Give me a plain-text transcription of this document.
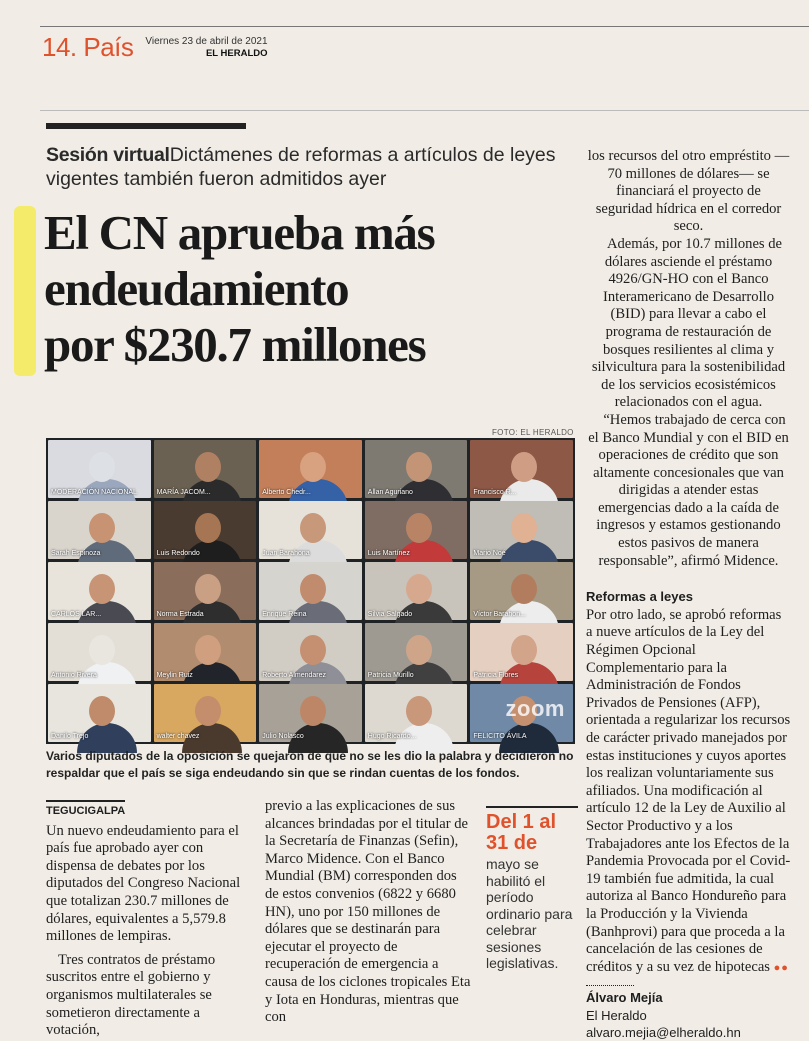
14. País Viernes 23 de abril de 2021
EL HERALDO
Sesión virtualDictámenes de reformas a artículos de leyes vigentes también fueron admitidos ayer
El CN aprueba más
endeudamiento
por $230.7 millones
FOTO: EL HERALDO
MODERACIÓN NACIONAL	MARÍA JACOM...	Alberto Chedr...	Allan Aguriano	Francisco R...
Sarah Espinoza	Luis Redondo	Juan Barahona	Luis Martínez	Mario Noé
CARLOS LAR...	Norma Estrada	Enrique Reina	Silvia Salgado	Víctor Barahon...
Antonio Rivera	Meylin Ruiz	Roberto Almendarez	Patricia Murillo	Patricia Flores
Danilo Trejo	walter chavez	Julio Nolasco	Hugo Ricardo...	FELICITO ÁVILA
zoom
Varios diputados de la oposición se quejaron de que no se les dio la palabra y decidieron no respaldar que el país se siga endeudando sin que se rindan cuentas de los fondos.
TEGUCIGALPA

Un nuevo endeudamiento para el país fue aprobado ayer con dispensa de debates por los diputados del Congreso Nacional que totalizan 230.7 millones de dólares, equivalentes a 5,579.8 millones de lempiras.

Tres contratos de préstamo suscritos entre el gobierno y organismos multilaterales se sometieron directamente a votación,

previo a las explicaciones de sus alcances brindadas por el titular de la Secretaría de Finanzas (Sefin), Marco Midence. Con el Banco Mundial (BM) corresponden dos de estos convenios (6822 y 6680 HN), uno por 150 millones de dólares que se destinarán para ejecutar el proyecto de recuperación de emergencia a causa de los ciclones tropicales Eta y Iota en Honduras, mientras que con

Del 1 al 31 de
mayo se habilitó el período ordinario para celebrar sesiones legislativas.

los recursos del otro empréstito —70 millones de dólares— se financiará el proyecto de seguridad hídrica en el corredor seco.

Además, por 10.7 millones de dólares asciende el préstamo 4926/GN-HO con el Banco Interamericano de Desarrollo (BID) para llevar a cabo el programa de restauración de bosques resilientes al clima y silvicultura para la sostenibilidad de los servicios ecosistémicos relacionados con el agua.

“Hemos trabajado de cerca con el Banco Mundial y con el BID en operaciones de crédito que son altamente concesionales que van dirigidas a atender estas emergencias dado a la caída de ingresos y estamos gestionando estos pasivos de manera responsable”, afirmó Midence.

Reformas a leyes

Por otro lado, se aprobó reformas a nueve artículos de la Ley del Régimen Opcional Complementario para la Administración de Fondos Privados de Pensiones (AFP), orientada a regularizar los recursos de carácter privado manejados por estas instituciones y cuyos aportes los realizan voluntariamente sus afiliados. Una modificación al artículo 12 de la Ley de Auxilio al Sector Productivo y a los Trabajadores ante los Efectos de la Pandemia Provocada por el Covid-19 también fue admitida, la cual autoriza al Banco Hondureño para la Producción y la Vivienda (Banhprovi) para que proceda a la cancelación de las cesiones de créditos y a su vez de hipotecas ●●

Álvaro Mejía
El Heraldo
alvaro.mejia@elheraldo.hn
